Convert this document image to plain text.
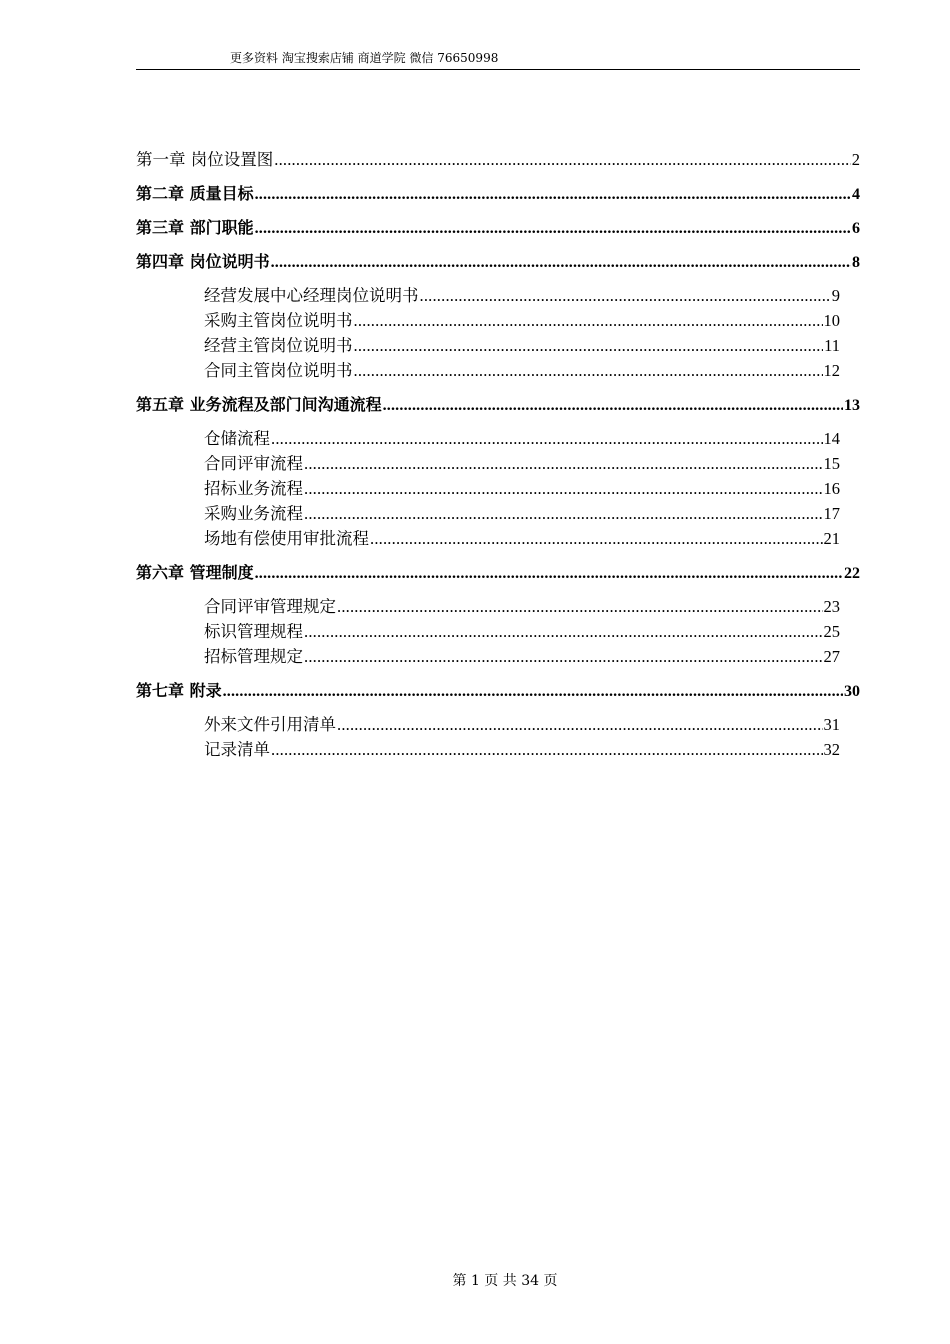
更多资料 淘宝搜索店铺 商道学院 微信 76650998
第一章 岗位设置图 .....	2
第二章 质量目标 .....	4
第三章 部门职能 .....	6
第四章 岗位说明书 .....	8
经营发展中心经理岗位说明书 .....	9
采购主管岗位说明书 .....	10
经营主管岗位说明书 .....	11
合同主管岗位说明书 .....	12
第五章 业务流程及部门间沟通流程 .....	13
仓储流程 .....	14
合同评审流程 .....	15
招标业务流程 .....	16
采购业务流程 .....	17
场地有偿使用审批流程 .....	21
第六章 管理制度 .....	22
合同评审管理规定 .....	23
标识管理规程 .....	25
招标管理规定 .....	27
第七章 附录 .....	30
外来文件引用清单 .....	31
记录清单 .....	32
第 1 页 共 34 页
